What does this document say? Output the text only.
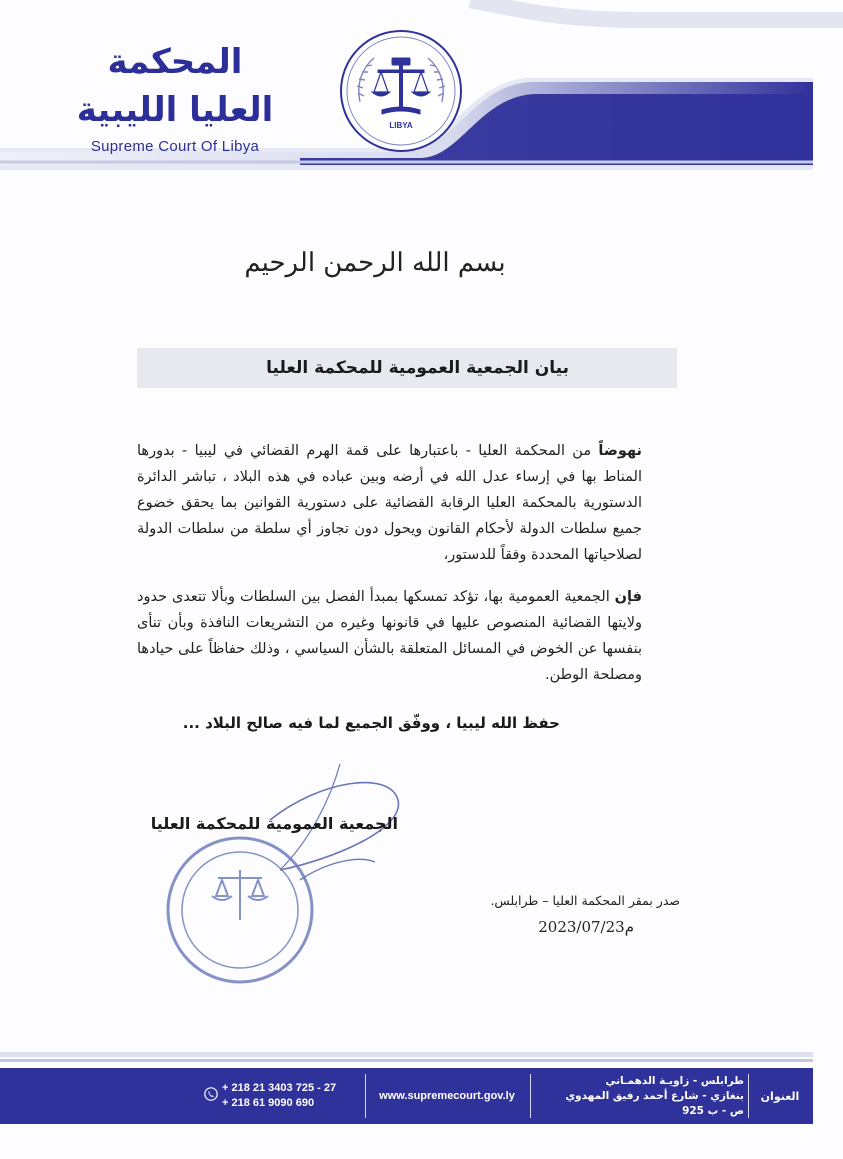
المحكمة العليا الليبية
Supreme Court Of Libya
LIBYA
بسم الله الرحمن الرحيم
بيان الجمعية العمومية للمحكمة العليا
نهوضاً من المحكمة العليا - باعتبارها على قمة الهرم القضائي في ليبيا - بدورها المناط بها في إرساء عدل الله في أرضه وبين عباده في هذه البلاد ، تباشر الدائرة الدستورية بالمحكمة العليا الرقابة القضائية على دستورية القوانين بما يحقق خضوع جميع سلطات الدولة لأحكام القانون ويحول دون تجاوز أي سلطة من سلطات الدولة لصلاحياتها المحددة وفقاً للدستور،
فإن الجمعية العمومية بها، تؤكد تمسكها بمبدأ الفصل بين السلطات وبألا تتعدى حدود ولايتها القضائية المنصوص عليها في قانونها وغيره من التشريعات النافذة وبأن تنأى بنفسها عن الخوض في المسائل المتعلقة بالشأن السياسي ، وذلك حفاظاً على حيادها ومصلحة الوطن.
حفظ الله ليبيا ، ووفّق الجميع لما فيه صالح البلاد ...
الجمعية العمومية للمحكمة العليا
صدر بمقر المحكمة العليا – طرابلس.
2023/07/23م
+ 218 21 3403 725 - 27
+ 218 61 9090 690
www.supremecourt.gov.ly
طرابلس - زاويـة الدهمـاني
بنغازي - شارع أحمد رفيق المهدوي
ص - ب 925
العنوان
